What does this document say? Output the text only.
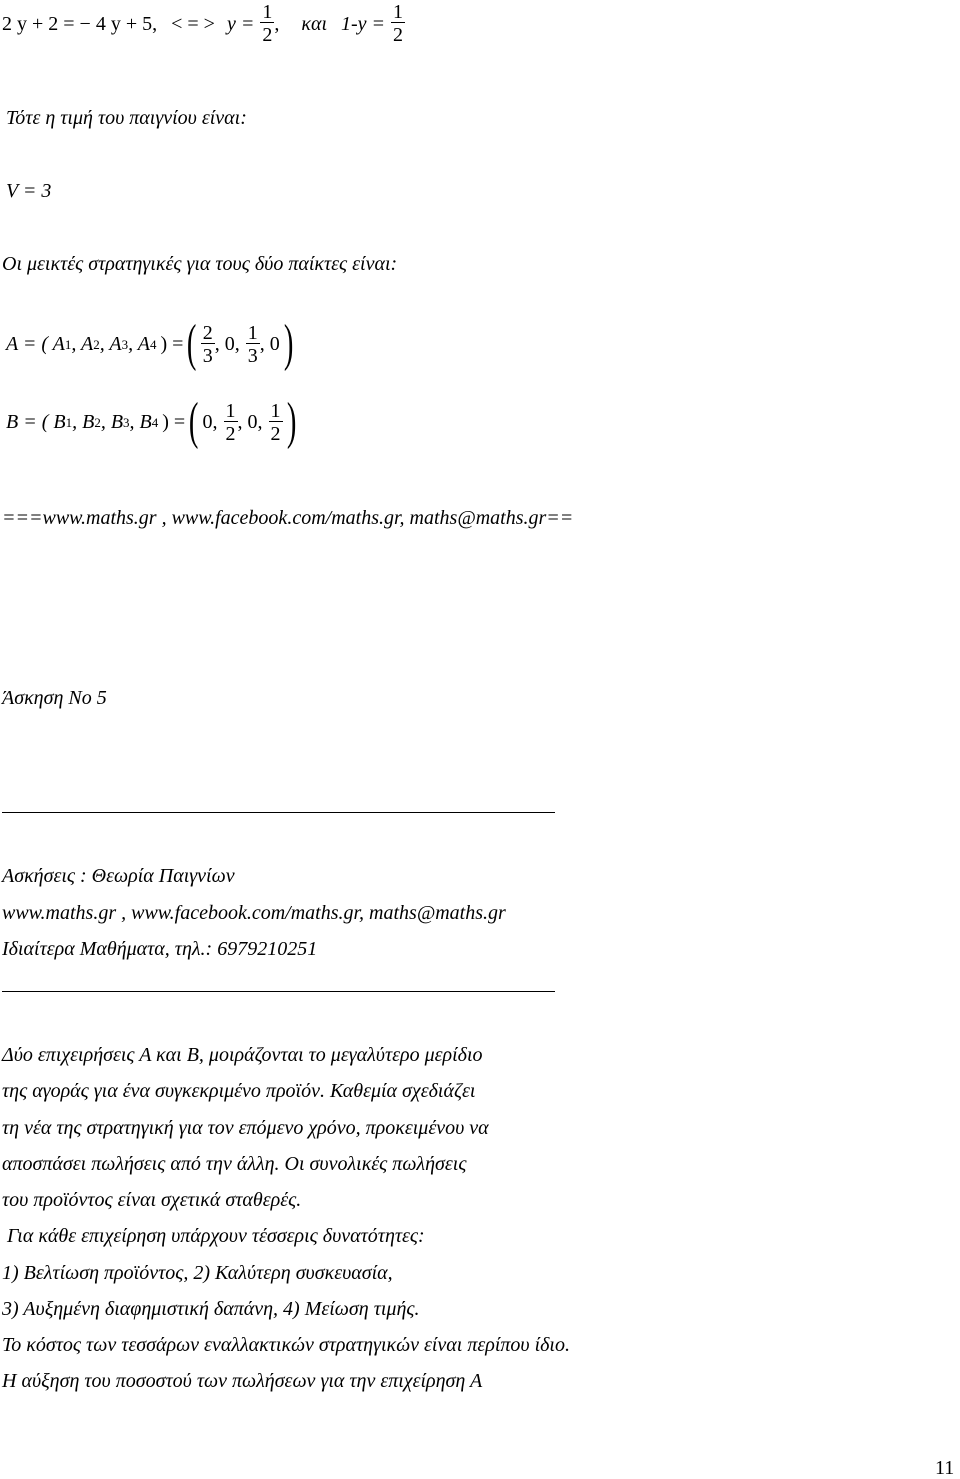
2 y + 2 = − 4 y + 5, < = > $y = \frac{1}{2}$ , και $1-y = \frac{1}{2}$
Τότε η τιμή του παιγνίου είναι:
V = 3
Οι μεικτές στρατηγικές για τους δύο παίκτες είναι:
A = ( A 1 , A 2 , A 3 , A 4 ) = ( $\frac{2}{3}$ , 0, $\frac{1}{3}$ , 0 )
B = ( B 1 , B 2 , B 3 , B 4 ) = ( 0, $\frac{1}{2}$ , 0, $\frac{1}{2}$ )
===www.maths.gr , www.facebook.com/maths.gr, maths@maths.gr==
Άσκηση Νο 5
Ασκήσεις : Θεωρία Παιγνίων
www.maths.gr , www.facebook.com/maths.gr, maths@maths.gr
Ιδιαίτερα Μαθήματα, τηλ.: 6979210251
Δύο επιχειρήσεις Α και Β, μοιράζονται το μεγαλύτερο μερίδιο
της αγοράς για ένα συγκεκριμένο προϊόν. Καθεμία σχεδιάζει
τη νέα της στρατηγική για τον επόμενο χρόνο, προκειμένου να
αποσπάσει πωλήσεις από την άλλη. Οι συνολικές πωλήσεις
του προϊόντος είναι σχετικά σταθερές.
Για κάθε επιχείρηση υπάρχουν τέσσερις δυνατότητες:
1) Βελτίωση προϊόντος, 2) Καλύτερη συσκευασία,
3) Αυξημένη διαφημιστική δαπάνη, 4) Μείωση τιμής.
Το κόστος των τεσσάρων εναλλακτικών στρατηγικών είναι περίπου ίδιο.
Η αύξηση του ποσοστού των πωλήσεων για την επιχείρηση Α
11
